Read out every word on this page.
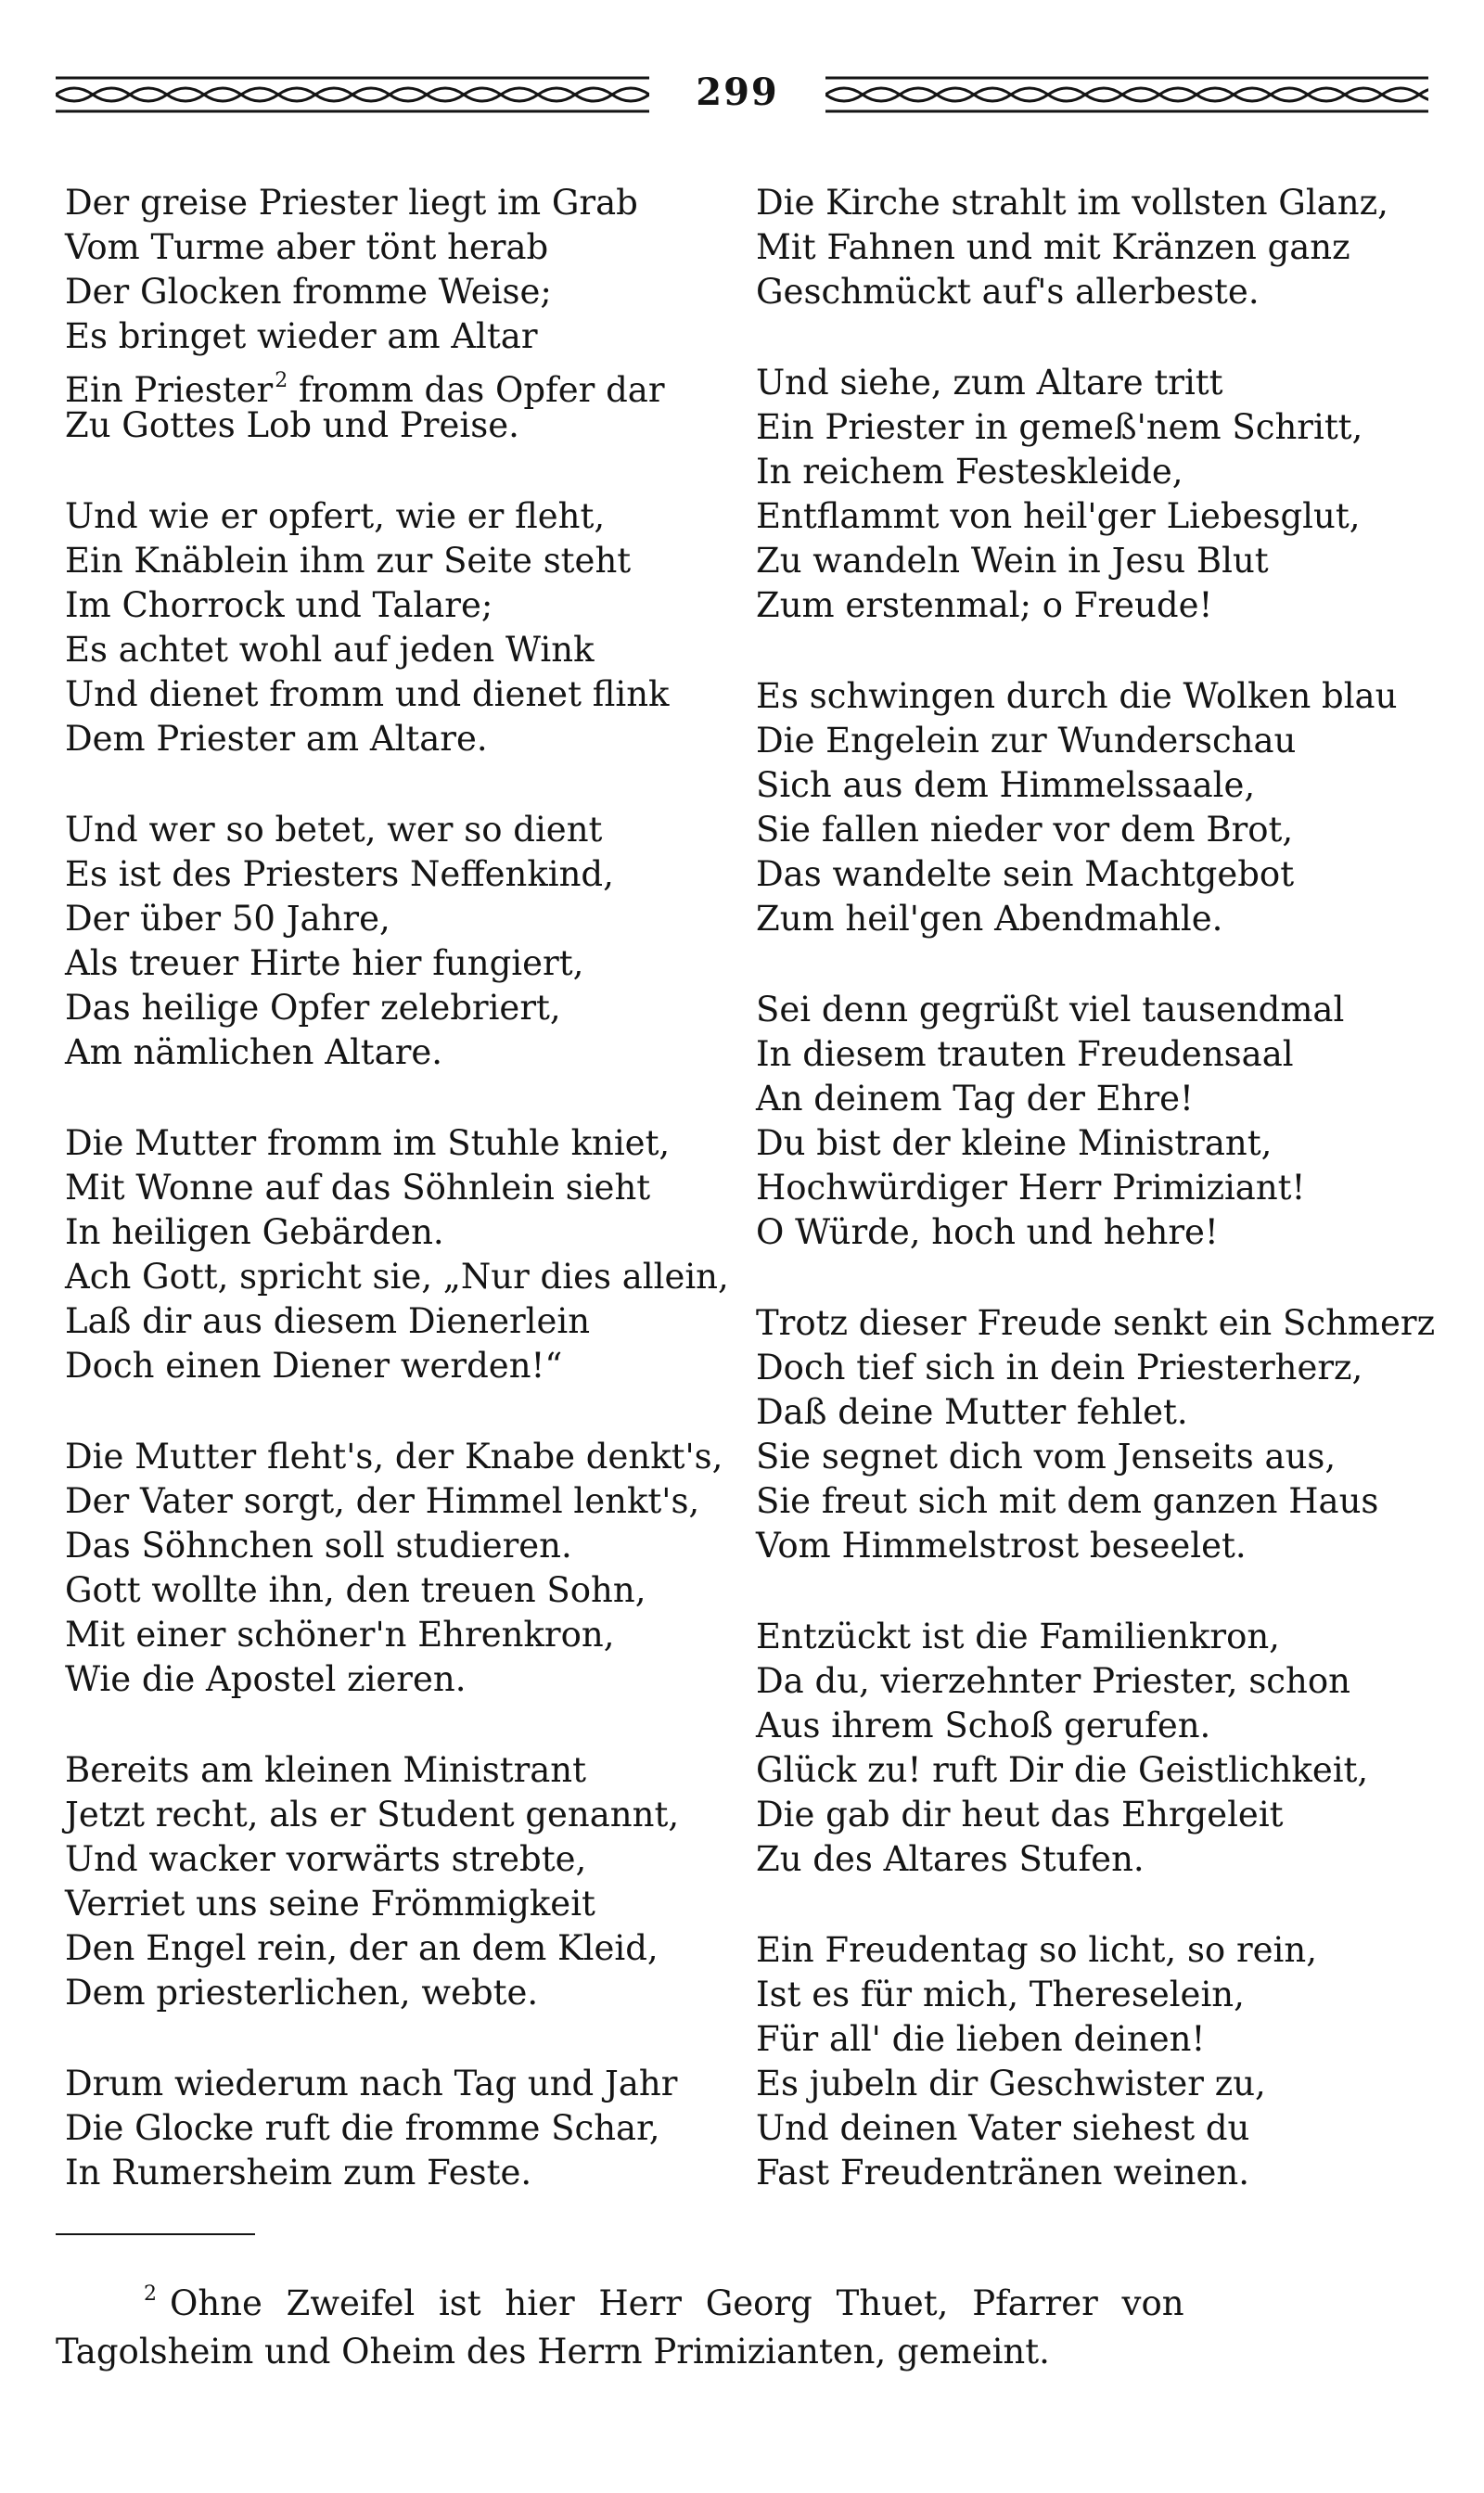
299
Der greise Priester liegt im Grab
Vom Turme aber tönt herab
Der Glocken fromme Weise;
Es bringet wieder am Altar
Ein Priester$^2$ fromm das Opfer dar
Zu Gottes Lob und Preise.
Und wie er opfert, wie er fleht,
Ein Knäblein ihm zur Seite steht
Im Chorrock und Talare;
Es achtet wohl auf jeden Wink
Und dienet fromm und dienet flink
Dem Priester am Altare.
Und wer so betet, wer so dient
Es ist des Priesters Neffenkind,
Der über 50 Jahre,
Als treuer Hirte hier fungiert,
Das heilige Opfer zelebriert,
Am nämlichen Altare.
Die Mutter fromm im Stuhle kniet,
Mit Wonne auf das Söhnlein sieht
In heiligen Gebärden.
Ach Gott, spricht sie, „Nur dies allein,
Laß dir aus diesem Dienerlein
Doch einen Diener werden!“
Die Mutter fleht's, der Knabe denkt's,
Der Vater sorgt, der Himmel lenkt's,
Das Söhnchen soll studieren.
Gott wollte ihn, den treuen Sohn,
Mit einer schöner'n Ehrenkron,
Wie die Apostel zieren.
Bereits am kleinen Ministrant
Jetzt recht, als er Student genannt,
Und wacker vorwärts strebte,
Verriet uns seine Frömmigkeit
Den Engel rein, der an dem Kleid,
Dem priesterlichen, webte.
Drum wiederum nach Tag und Jahr
Die Glocke ruft die fromme Schar,
In Rumersheim zum Feste.
Die Kirche strahlt im vollsten Glanz,
Mit Fahnen und mit Kränzen ganz
Geschmückt auf's allerbeste.
Und siehe, zum Altare tritt
Ein Priester in gemeß'nem Schritt,
In reichem Festeskleide,
Entflammt von heil'ger Liebesglut,
Zu wandeln Wein in Jesu Blut
Zum erstenmal; o Freude!
Es schwingen durch die Wolken blau
Die Engelein zur Wunderschau
Sich aus dem Himmelssaale,
Sie fallen nieder vor dem Brot,
Das wandelte sein Machtgebot
Zum heil'gen Abendmahle.
Sei denn gegrüßt viel tausendmal
In diesem trauten Freudensaal
An deinem Tag der Ehre!
Du bist der kleine Ministrant,
Hochwürdiger Herr Primiziant!
O Würde, hoch und hehre!
Trotz dieser Freude senkt ein Schmerz
Doch tief sich in dein Priesterherz,
Daß deine Mutter fehlet.
Sie segnet dich vom Jenseits aus,
Sie freut sich mit dem ganzen Haus
Vom Himmelstrost beseelet.
Entzückt ist die Familienkron,
Da du, vierzehnter Priester, schon
Aus ihrem Schoß gerufen.
Glück zu! ruft Dir die Geistlichkeit,
Die gab dir heut das Ehrgeleit
Zu des Altares Stufen.
Ein Freudentag so licht, so rein,
Ist es für mich, Thereselein,
Für all' die lieben deinen!
Es jubeln dir Geschwister zu,
Und deinen Vater siehest du
Fast Freudentränen weinen.
$^2$ Ohne Zweifel ist hier Herr Georg Thuet, Pfarrer von
Tagolsheim und Oheim des Herrn Primizianten, gemeint.
